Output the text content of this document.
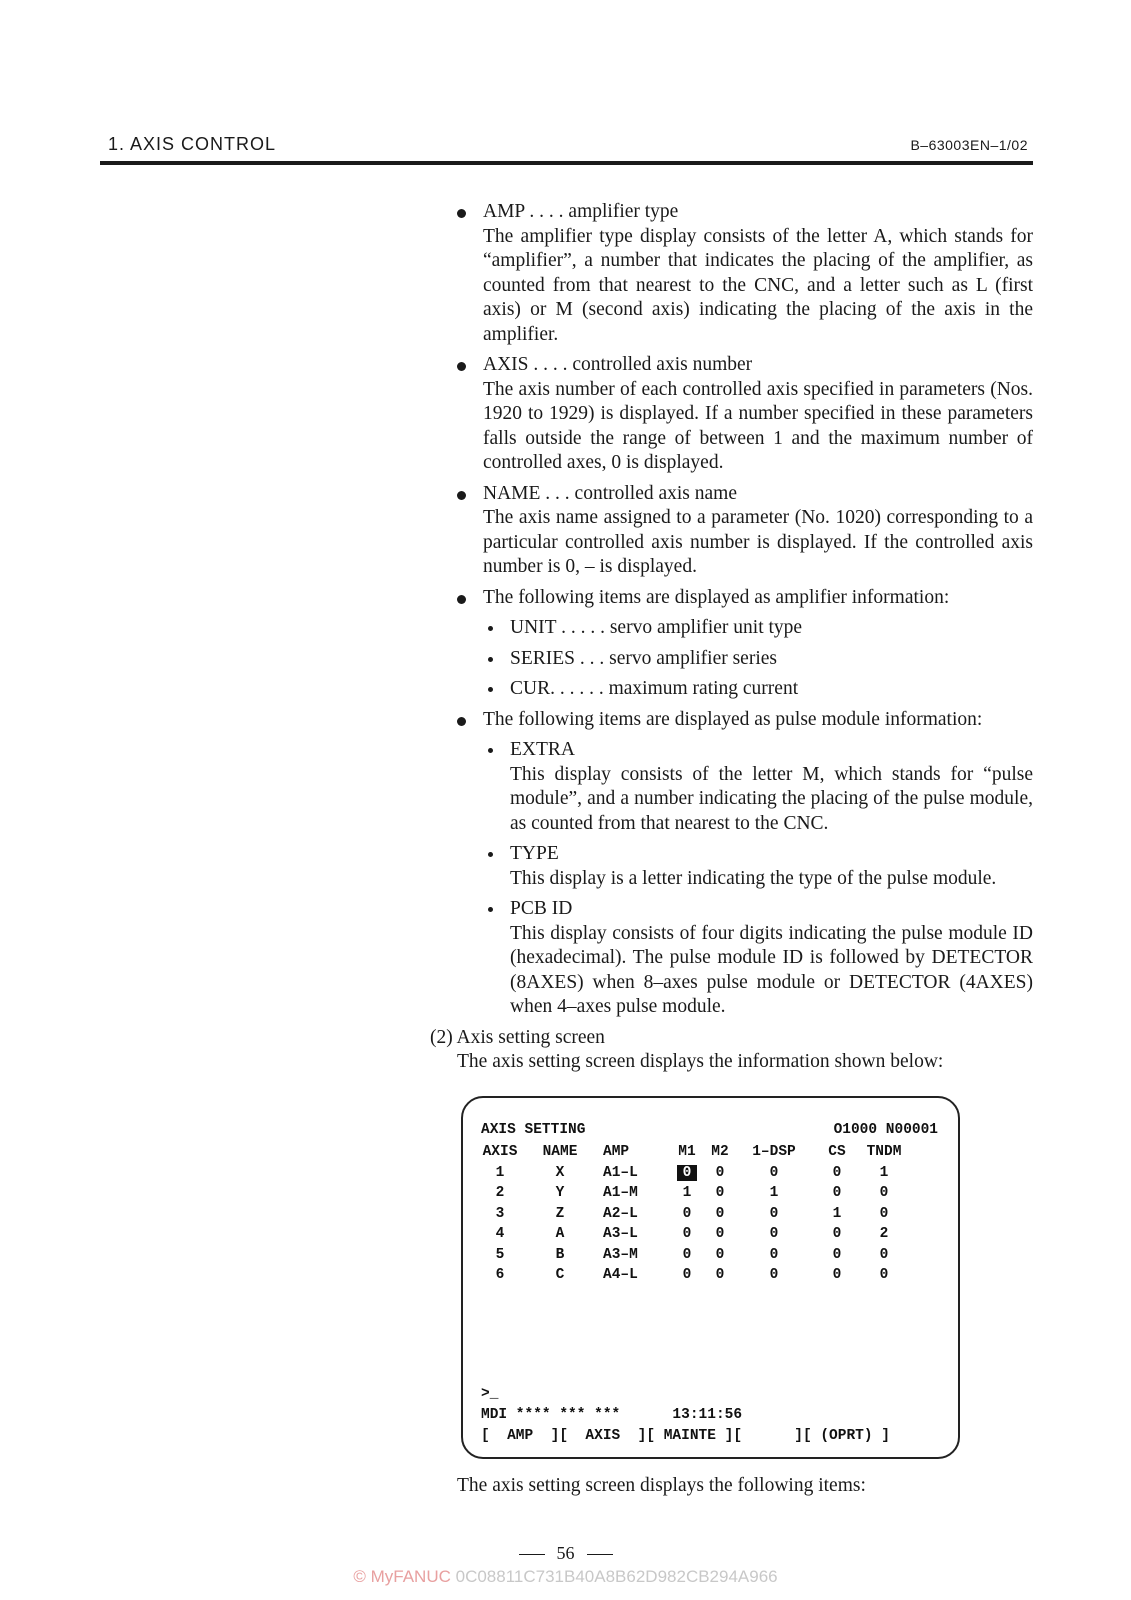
1. AXIS CONTROL	B–63003EN–1/02
AMP . . . . amplifier type
The amplifier type display consists of the letter A, which stands for “amplifier”, a number that indicates the placing of the amplifier, as counted from that nearest to the CNC, and a letter such as L (first axis) or M (second axis) indicating the placing of the axis in the amplifier.
AXIS . . . . controlled axis number
The axis number of each controlled axis specified in parameters (Nos. 1920 to 1929) is displayed. If a number specified in these parameters falls outside the range of between 1 and the maximum number of controlled axes, 0 is displayed.
NAME . . . controlled axis name
The axis name assigned to a parameter (No. 1020) corresponding to a particular controlled axis number is displayed. If the controlled axis number is 0, – is displayed.
The following items are displayed as amplifier information:
UNIT . . . . . servo amplifier unit type
SERIES . . . servo amplifier series
CUR. . . . . . maximum rating current
The following items are displayed as pulse module information:
EXTRA
This display consists of the letter M, which stands for “pulse module”, and a number indicating the placing of the pulse module, as counted from that nearest to the CNC.
TYPE
This display is a letter indicating the type of the pulse module.
PCB ID
This display consists of four digits indicating the pulse module ID (hexadecimal). The pulse module ID is followed by DETECTOR (8AXES) when 8–axes pulse module or DETECTOR (4AXES) when 4–axes pulse module.
(2) Axis setting screen
The axis setting screen displays the information shown below:
AXIS SETTING	O1000 N00001
AXIS	NAME	AMP	M1	M2	1–DSP	CS	TNDM
1	X	A1–L	0	0	0	0	1
2	Y	A1–M	1	0	1	0	0
3	Z	A2–L	0	0	0	1	0
4	A	A3–L	0	0	0	0	2
5	B	A3–M	0	0	0	0	0
6	C	A4–L	0	0	0	0	0
>_
MDI **** *** ***      13:11:56
[  AMP  ][  AXIS  ][ MAINTE ][      ][ (OPRT) ]
The axis setting screen displays the following items:
56
© MyFANUC 0C08811C731B40A8B62D982CB294A966
